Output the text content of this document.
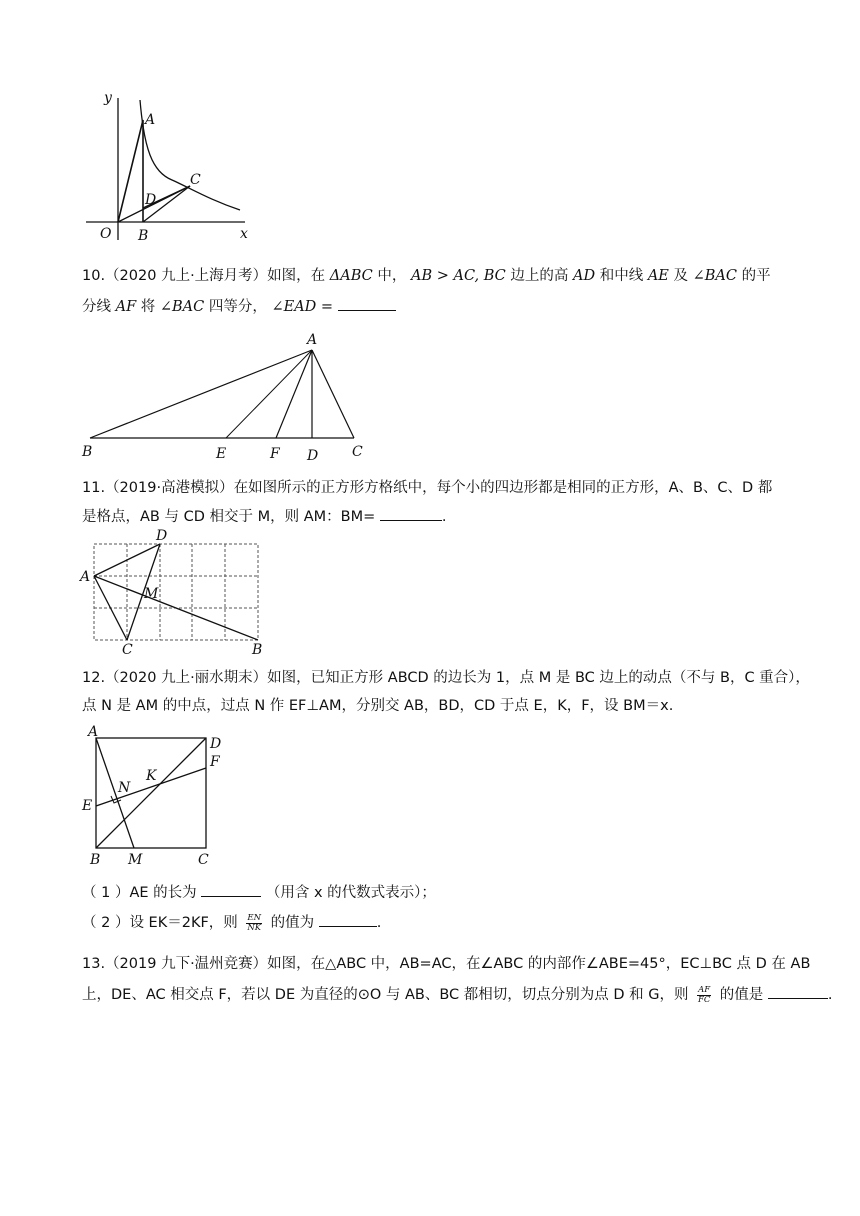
y
x
O
A
B
C
D
10.（2020 九上·上海月考）如图，在 ΔABC 中， AB > AC, BC 边上的高 AD 和中线 AE 及 ∠BAC 的平
分线 AF 将 ∠BAC 四等分， ∠EAD =
A
B	E	F D C
11.（2019·高港模拟）在如图所示的正方形方格纸中，每个小的四边形都是相同的正方形，A、B、C、D 都
是格点，AB 与 CD 相交于 M，则 AM：BM=	.
A
D
M
C	B
12.（2020 九上·丽水期末）如图，已知正方形 ABCD 的边长为 1，点 M 是 BC 边上的动点（不与 B，C 重合），
点 N 是 AM 的中点，过点 N 作 EF⊥AM，分别交 AB，BD，CD 于点 E，K，F，设 BM＝x.
A
D
F
K
N
E
B M	C
（ 1 ）AE 的长为	（用含 x 的代数式表示）；
（ 2 ）设 EK＝2KF，则 $\frac{EN}{NK}$ 的值为	.
13.（2019 九下·温州竞赛）如图，在△ABC 中，AB=AC，在∠ABC 的内部作∠ABE=45°，EC⊥BC 点 D 在 AB
上，DE、AC 相交点 F，若以 DE 为直径的⊙O 与 AB、BC 都相切，切点分别为点 D 和 G，则 $\frac{AF}{FC}$ 的值是	.
